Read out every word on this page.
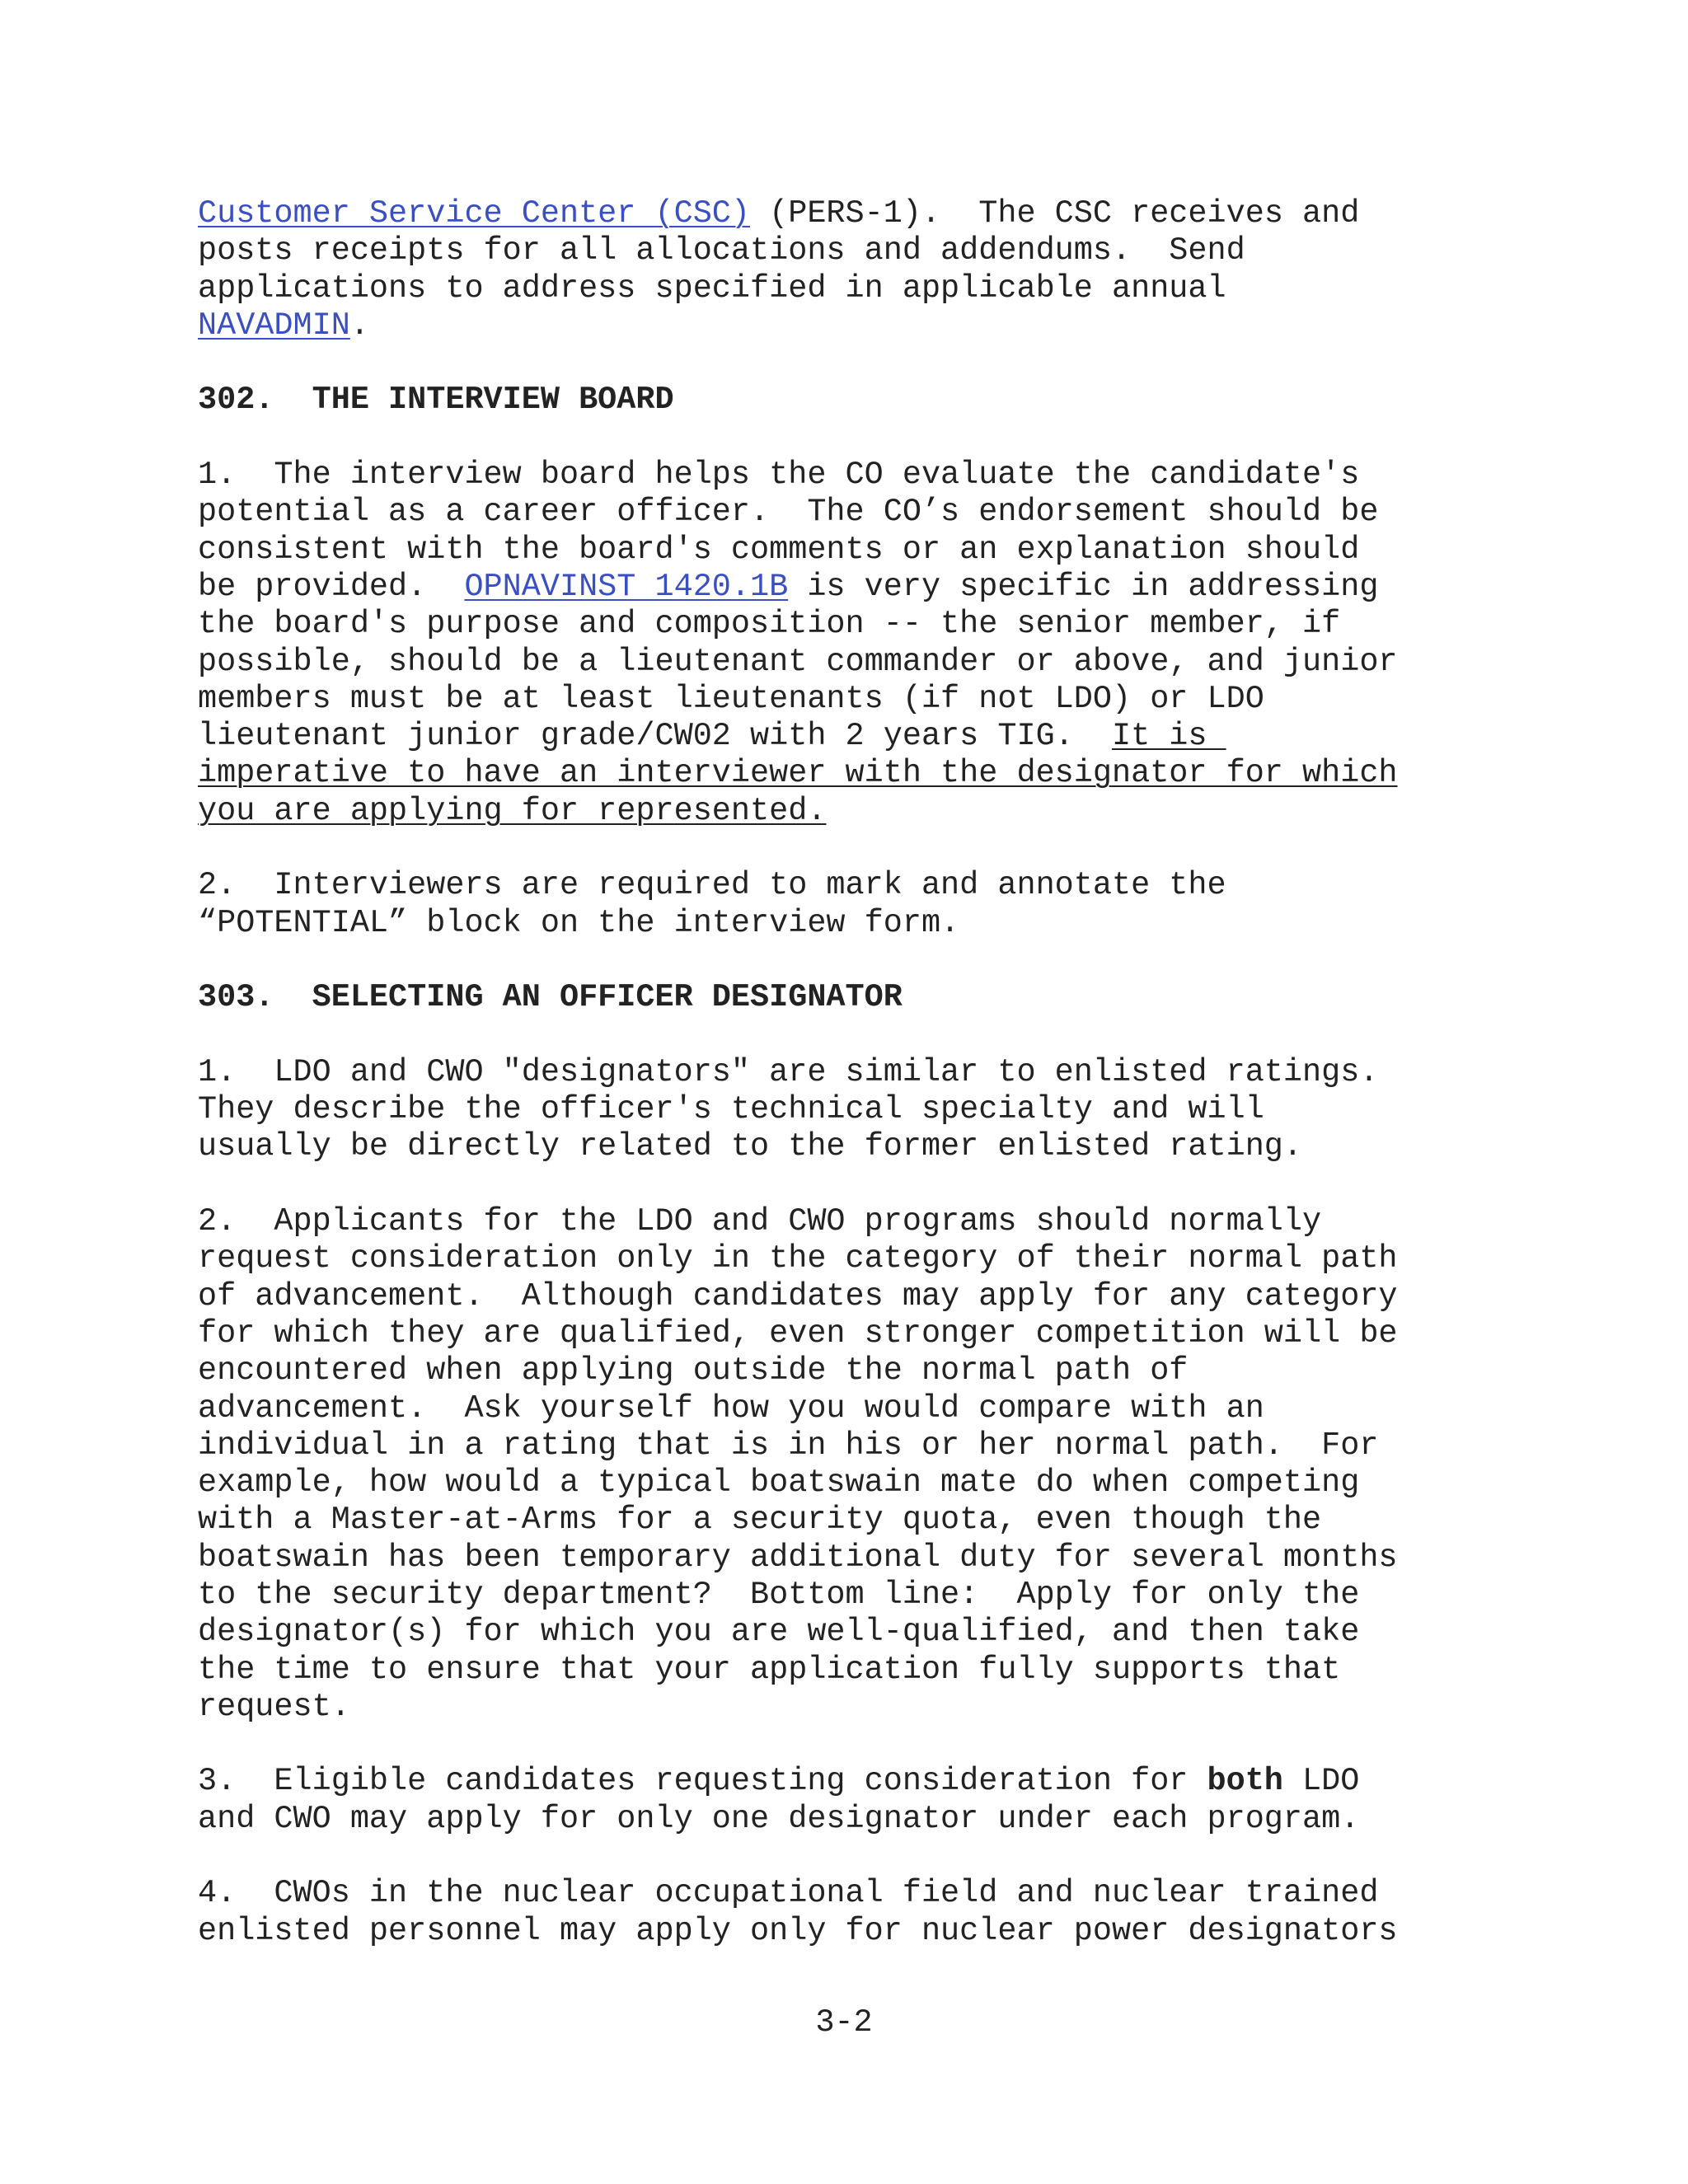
Customer Service Center (CSC) (PERS-1).  The CSC receives and
posts receipts for all allocations and addendums.  Send
applications to address specified in applicable annual
NAVADMIN.

302.  THE INTERVIEW BOARD

1.  The interview board helps the CO evaluate the candidate's
potential as a career officer.  The CO’s endorsement should be
consistent with the board's comments or an explanation should
be provided.  OPNAVINST 1420.1B is very specific in addressing
the board's purpose and composition -- the senior member, if
possible, should be a lieutenant commander or above, and junior
members must be at least lieutenants (if not LDO) or LDO
lieutenant junior grade/CW02 with 2 years TIG.  It is
imperative to have an interviewer with the designator for which
you are applying for represented.

2.  Interviewers are required to mark and annotate the
“POTENTIAL” block on the interview form.

303.  SELECTING AN OFFICER DESIGNATOR

1.  LDO and CWO "designators" are similar to enlisted ratings.
They describe the officer's technical specialty and will
usually be directly related to the former enlisted rating.

2.  Applicants for the LDO and CWO programs should normally
request consideration only in the category of their normal path
of advancement.  Although candidates may apply for any category
for which they are qualified, even stronger competition will be
encountered when applying outside the normal path of
advancement.  Ask yourself how you would compare with an
individual in a rating that is in his or her normal path.  For
example, how would a typical boatswain mate do when competing
with a Master-at-Arms for a security quota, even though the
boatswain has been temporary additional duty for several months
to the security department?  Bottom line:  Apply for only the
designator(s) for which you are well-qualified, and then take
the time to ensure that your application fully supports that
request.

3.  Eligible candidates requesting consideration for both LDO
and CWO may apply for only one designator under each program.

4.  CWOs in the nuclear occupational field and nuclear trained
enlisted personnel may apply only for nuclear power designators

3-2
